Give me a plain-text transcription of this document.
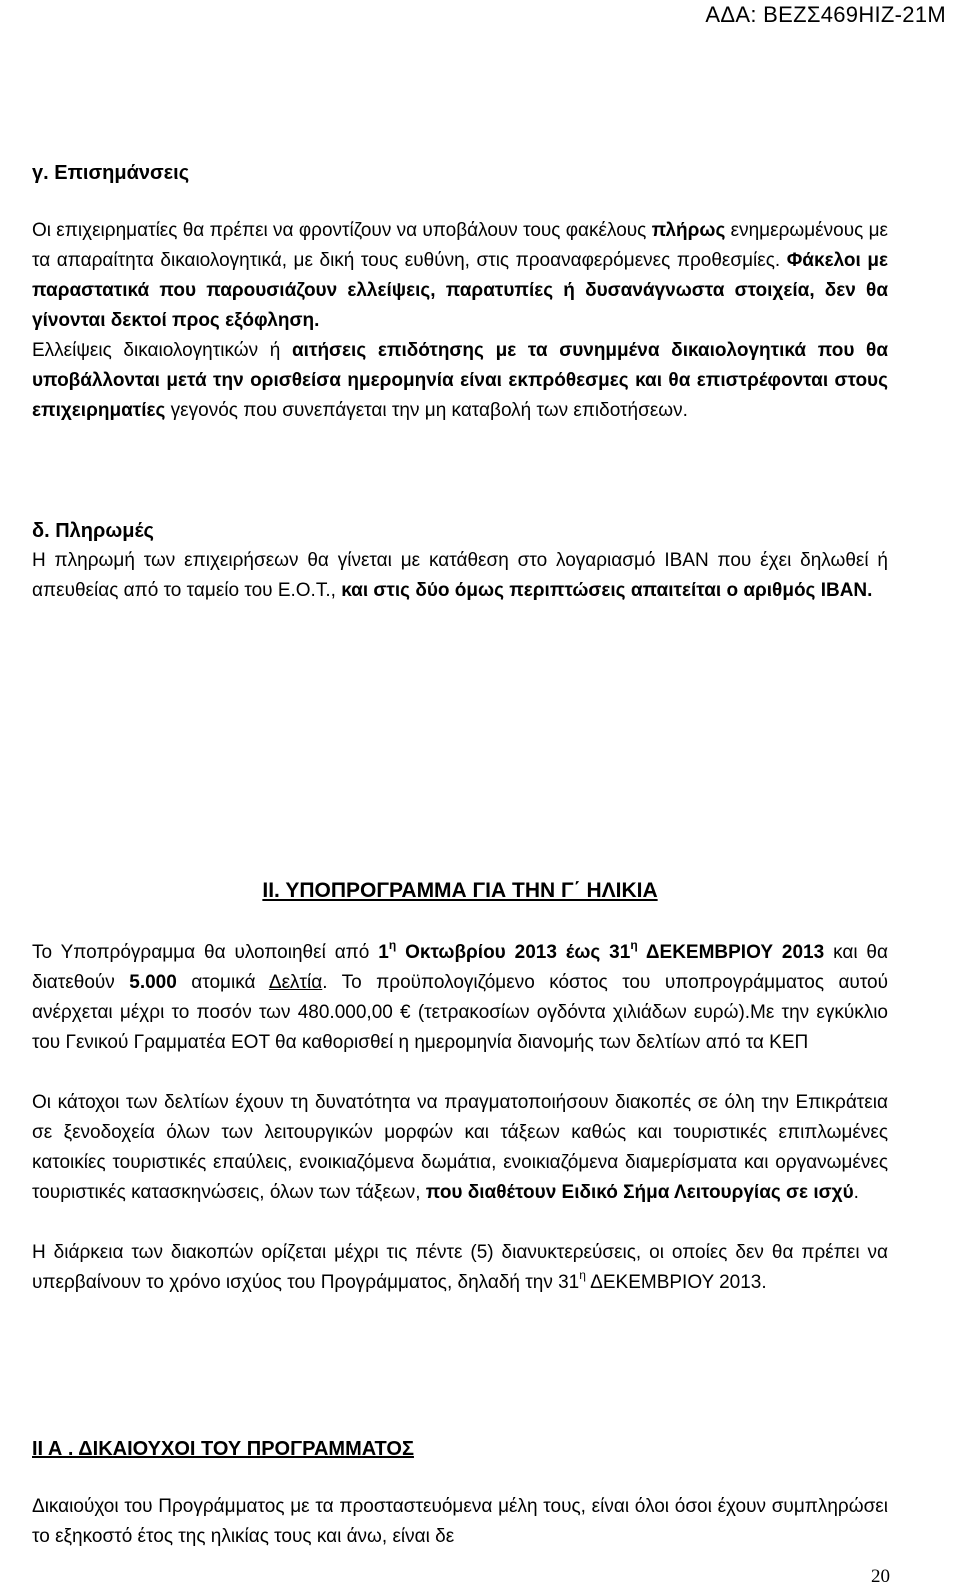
ΑΔΑ: ΒΕΖΣ469ΗΙΖ-21Μ
γ. Επισημάνσεις

Οι επιχειρηματίες θα πρέπει να φροντίζουν να υποβάλουν τους φακέλους πλήρως ενημερωμένους με τα απαραίτητα δικαιολογητικά, με δική τους ευθύνη, στις προαναφερόμενες προθεσμίες. Φάκελοι με παραστατικά που παρουσιάζουν ελλείψεις, παρατυπίες ή δυσανάγνωστα στοιχεία, δεν θα γίνονται δεκτοί προς εξόφληση.

Ελλείψεις δικαιολογητικών ή αιτήσεις επιδότησης με τα συνημμένα δικαιολογητικά που θα υποβάλλονται μετά την ορισθείσα ημερομηνία είναι εκπρόθεσμες και θα επιστρέφονται στους επιχειρηματίες γεγονός που συνεπάγεται την μη καταβολή των επιδοτήσεων.

δ. Πληρωμές

Η πληρωμή των επιχειρήσεων θα γίνεται με κατάθεση στο λογαριασμό ΙΒΑΝ που έχει δηλωθεί ή απευθείας από το ταμείο του Ε.Ο.Τ., και στις δύο όμως περιπτώσεις απαιτείται ο αριθμός ΙΒΑΝ.

ΙΙ. ΥΠΟΠΡΟΓΡΑΜΜΑ ΓΙΑ ΤΗΝ Γ΄ ΗΛΙΚΙΑ

Το Υποπρόγραμμα θα υλοποιηθεί από $1^\eta$ Οκτωβρίου 2013 έως $31^\eta$ ΔΕΚΕΜΒΡΙΟΥ 2013 και θα διατεθούν 5.000 ατομικά Δελτία. Το προϋπολογιζόμενο κόστος του υποπρογράμματος αυτού ανέρχεται μέχρι το ποσόν των 480.000,00 € (τετρακοσίων ογδόντα χιλιάδων ευρώ).Με την εγκύκλιο του Γενικού Γραμματέα ΕΟΤ θα καθορισθεί η ημερομηνία διανομής των δελτίων από τα ΚΕΠ

Οι κάτοχοι των δελτίων έχουν τη δυνατότητα να πραγματοποιήσουν διακοπές σε όλη την Επικράτεια σε ξενοδοχεία όλων των λειτουργικών μορφών και τάξεων καθώς και τουριστικές επιπλωμένες κατοικίες τουριστικές επαύλεις, ενοικιαζόμενα δωμάτια, ενοικιαζόμενα διαμερίσματα και οργανωμένες τουριστικές κατασκηνώσεις, όλων των τάξεων, που διαθέτουν Ειδικό Σήμα Λειτουργίας σε ισχύ.

Η διάρκεια των διακοπών ορίζεται μέχρι τις πέντε (5) διανυκτερεύσεις, οι οποίες δεν θα πρέπει να υπερβαίνουν το χρόνο ισχύος του Προγράμματος, δηλαδή την $31^\eta$ ΔΕΚΕΜΒΡΙΟΥ 2013.

ΙΙ Α . ΔΙΚΑΙΟΥΧΟΙ ΤΟΥ ΠΡΟΓΡΑΜΜΑΤΟΣ

Δικαιούχοι του Προγράμματος με τα προσταστευόμενα μέλη τους, είναι όλοι όσοι έχουν συμπληρώσει το εξηκοστό έτος της ηλικίας τους και άνω, είναι δε

20
